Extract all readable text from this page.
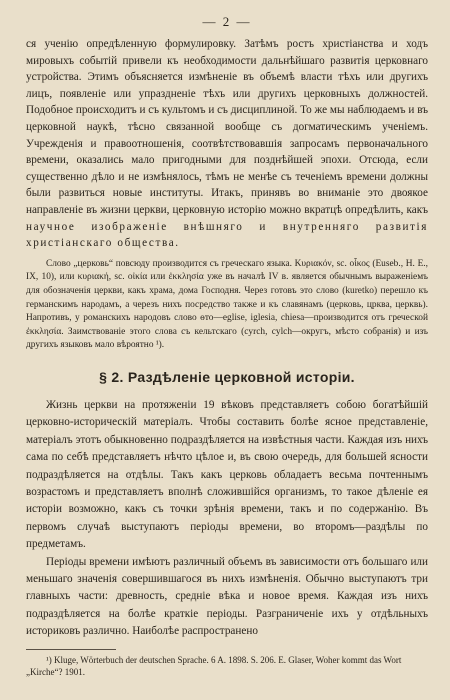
— 2 —

ся ученію опредѣленную формулировку. Затѣмъ ростъ христіанства и ходъ мировыхъ событій привели къ необходимости дальнѣйшаго развитія церковнаго устройства. Этимъ объясняется измѣненіе въ объемѣ власти тѣхъ или другихъ лицъ, появленіе или упраздненіе тѣхъ или другихъ церковныхъ должностей. Подобное происходитъ и съ культомъ и съ дисциплиной. То же мы наблюдаемъ и въ церковной наукѣ, тѣсно связанной вообще съ догматическимъ ученіемъ. Учрежденія и правоотношенія, соотвѣтствовавшія запросамъ первоначального времени, оказались мало пригодными для позднѣйшей эпохи. Отсюда, если существенно дѣло и не измѣнялось, тѣмъ не менѣе съ теченіемъ времени должны были развиться новые институты. Итакъ, принявъ во вниманіе это двоякое направленіе въ жизни церкви, церковную исторію можно вкратцѣ опредѣлить, какъ научное изображеніе внѣшняго и внутренняго развитія христіанскаго общества.

Слово „церковь“ повсюду производится съ греческаго языка. Κυριακόν, sc. οἶκος (Euseb., H. E., IX, 10), или κυριακή, sc. οἰκία или ἐκκλησία уже въ началѣ IV в. является обычнымъ выраженіемъ для обозначенія церкви, какъ храма, дома Господня. Через готовъ это слово (kuretko) перешло къ германскимъ народамъ, а черезъ нихъ посредство также и къ славянамъ (церковь, црква, церквь). Напротивъ, у романскихъ народовъ слово ѳто—eglise, iglesia, chiesa—производится отъ греческой ἐκκλησία. Заимствованіе этого слова съ кельтскаго (cyrch, cylch—округъ, мѣсто собранія) и изъ другихъ языковъ мало вѣроятно ¹).

§ 2. Раздѣленіе церковной исторіи.

Жизнь церкви на протяженіи 19 вѣковъ представляетъ собою богатѣйшій церковно-историческій матеріалъ. Чтобы составить болѣе ясное представленіе, матеріалъ этотъ обыкновенно подраздѣляется на извѣстныя части. Каждая изъ нихъ сама по себѣ представляетъ нѣчто цѣлое и, въ свою очередь, для большей ясности подраздѣляется на отдѣлы. Такъ какъ церковь обладаетъ весьма почтеннымъ возрастомъ и представляетъ вполнѣ сложившійся организмъ, то такое дѣленіе ея исторіи возможно, какъ съ точки зрѣнія времени, такъ и по содержанію. Въ первомъ случаѣ выступаютъ періоды времени, во второмъ—раздѣлы по предметамъ.

Періоды времени имѣютъ различный объемъ въ зависимости отъ большаго или меньшаго значенія совершившагося въ нихъ измѣненія. Обычно выступаютъ три главныхъ части: древность, средніе вѣка и новое время. Каждая изъ нихъ подраздѣляется на болѣе краткіе періоды. Разграниченіе ихъ у отдѣльныхъ историковъ различно. Наиболѣе распространено

¹) Kluge, Wörterbuch der deutschen Sprache. 6 A. 1898. S. 206. E. Glaser, Woher kommt das Wort „Kirche“? 1901.
